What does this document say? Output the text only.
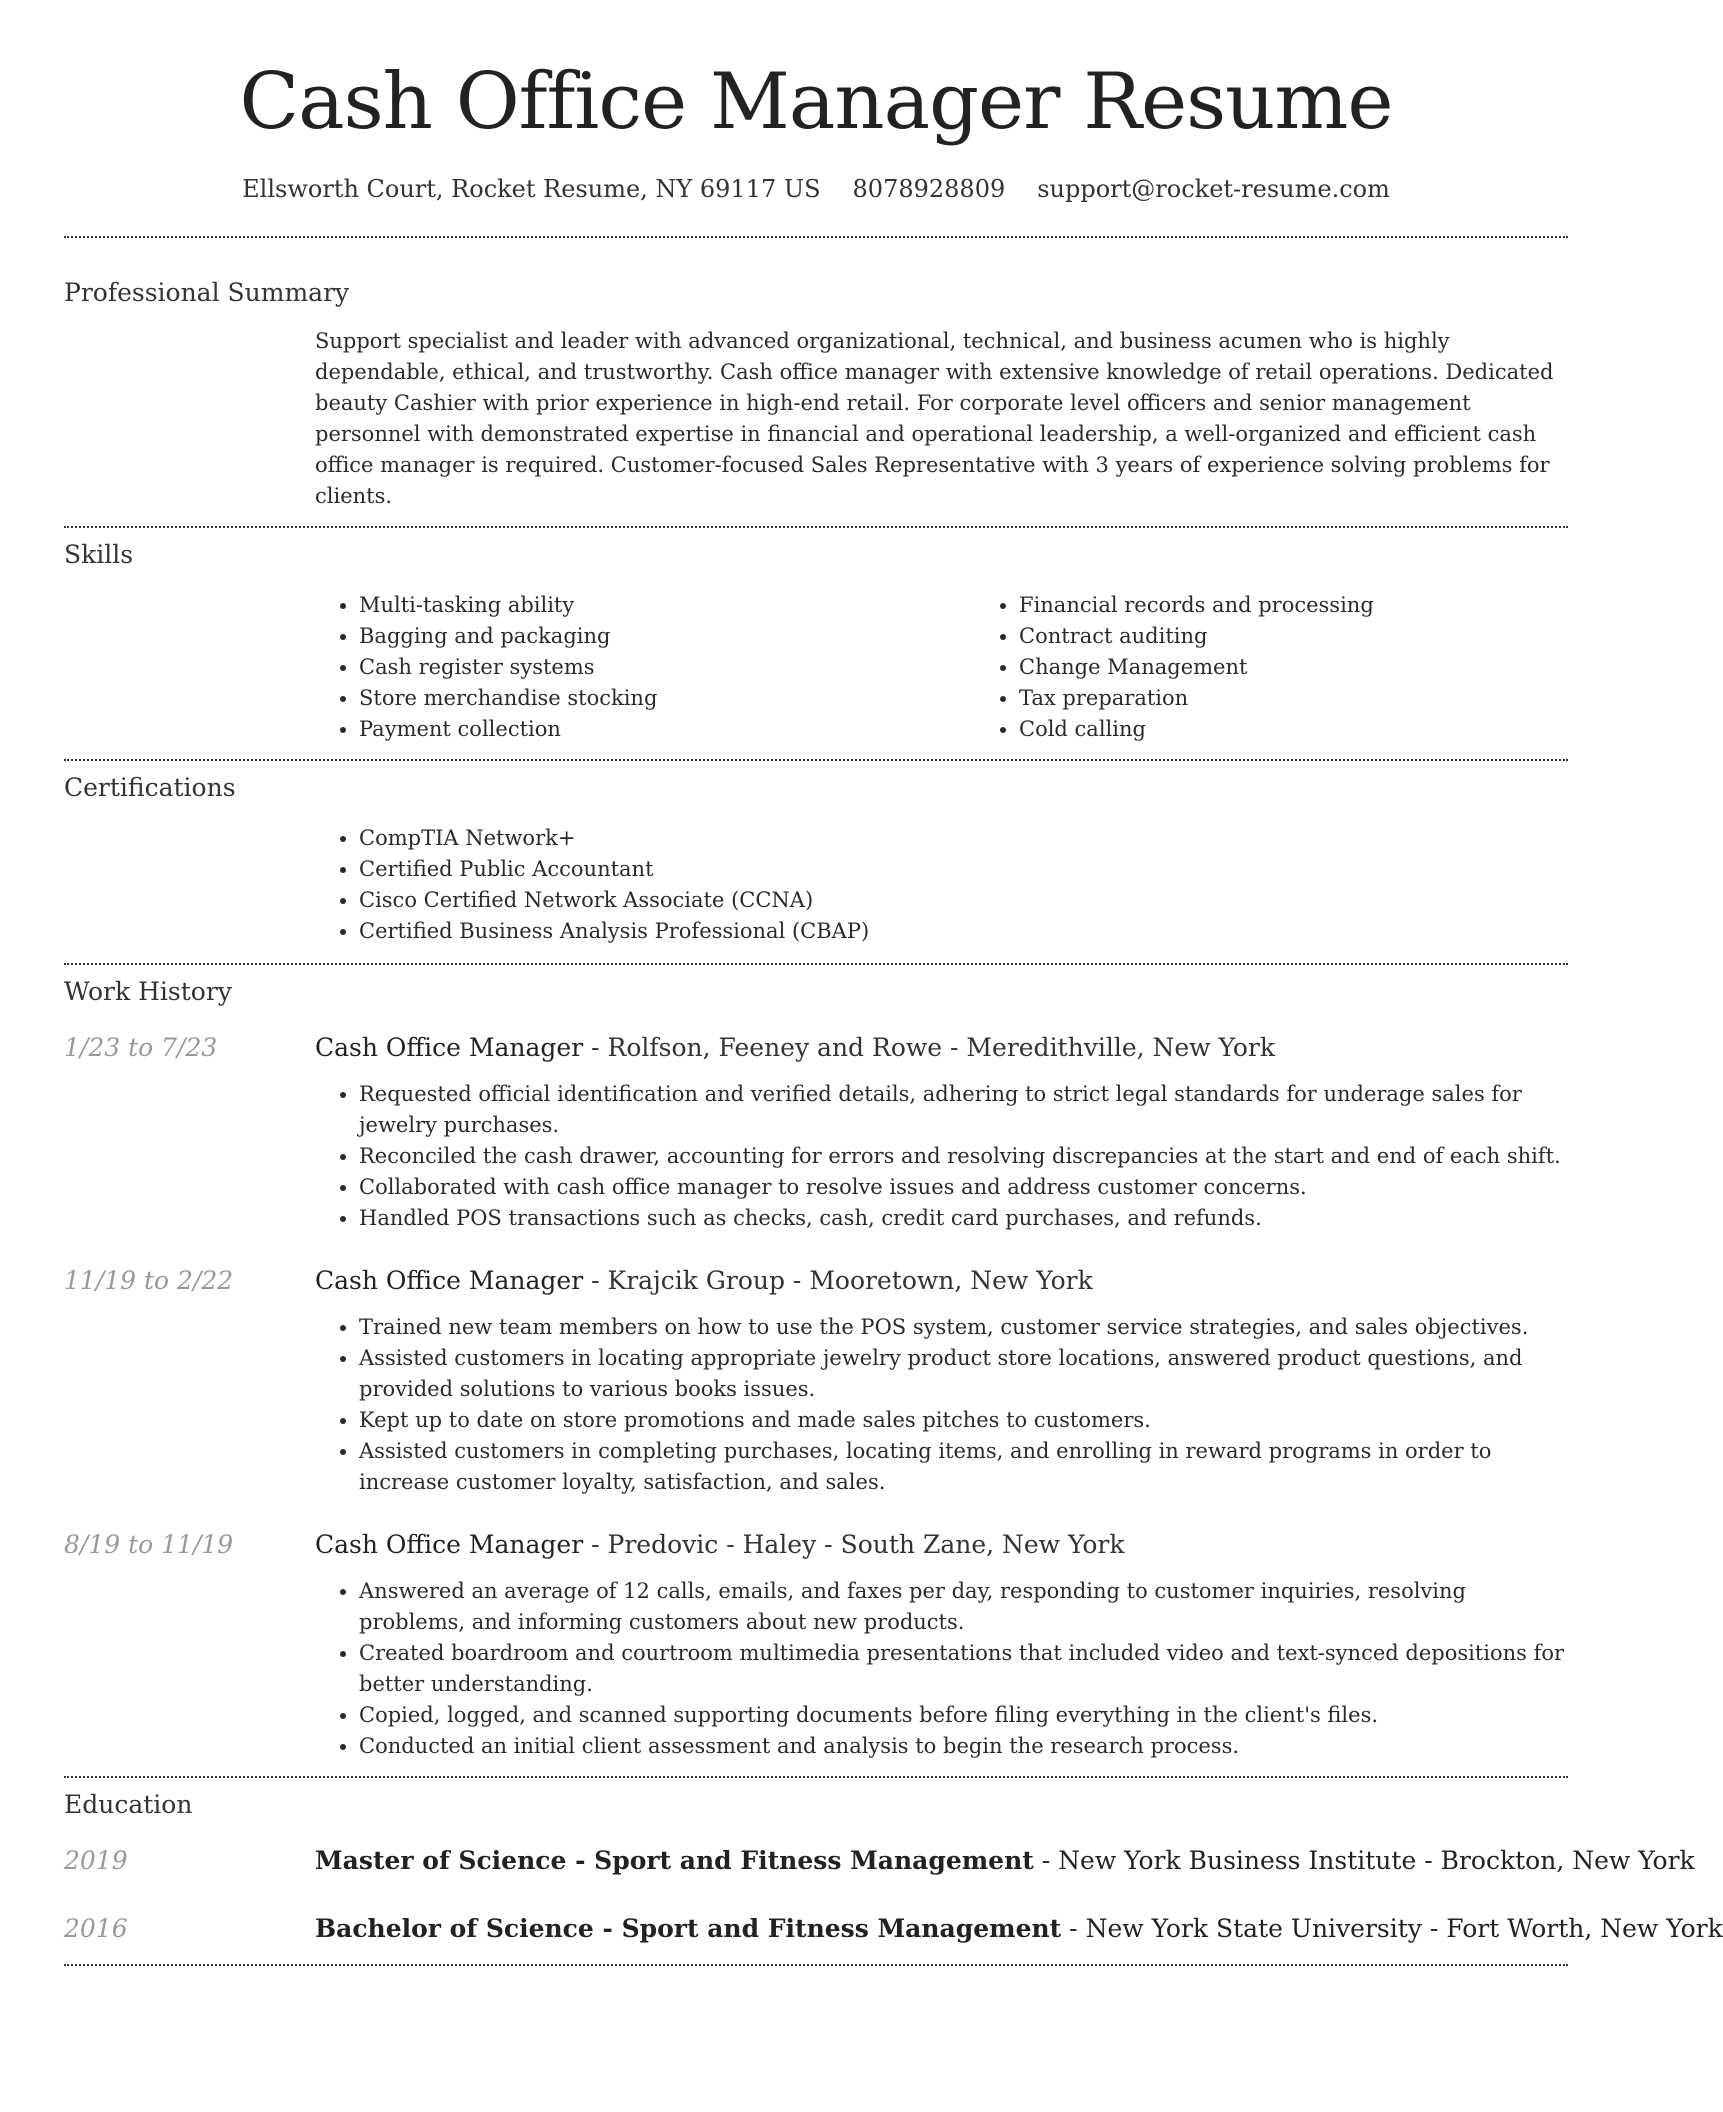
Cash Office Manager Resume
Ellsworth Court, Rocket Resume, NY 69117 US 8078928809 support@rocket-resume.com
Professional Summary

Support specialist and leader with advanced organizational, technical, and business acumen who is highly dependable, ethical, and trustworthy. Cash office manager with extensive knowledge of retail operations. Dedicated beauty Cashier with prior experience in high-end retail. For corporate level officers and senior management personnel with demonstrated expertise in financial and operational leadership, a well-organized and efficient cash office manager is required. Customer-focused Sales Representative with 3 years of experience solving problems for clients.

Skills
• Multi-tasking ability
• Bagging and packaging
• Cash register systems
• Store merchandise stocking
• Payment collection
• Financial records and processing
• Contract auditing
• Change Management
• Tax preparation
• Cold calling
Certifications
• CompTIA Network+
• Certified Public Accountant
• Cisco Certified Network Associate (CCNA)
• Certified Business Analysis Professional (CBAP)
Work History
1/23 to 7/23	Cash Office Manager - Rolfson, Feeney and Rowe - Meredithville, New York
• Requested official identification and verified details, adhering to strict legal standards for underage sales for jewelry purchases.
• Reconciled the cash drawer, accounting for errors and resolving discrepancies at the start and end of each shift.
• Collaborated with cash office manager to resolve issues and address customer concerns.
• Handled POS transactions such as checks, cash, credit card purchases, and refunds.
11/19 to 2/22	Cash Office Manager - Krajcik Group - Mooretown, New York
• Trained new team members on how to use the POS system, customer service strategies, and sales objectives.
• Assisted customers in locating appropriate jewelry product store locations, answered product questions, and provided solutions to various books issues.
• Kept up to date on store promotions and made sales pitches to customers.
• Assisted customers in completing purchases, locating items, and enrolling in reward programs in order to increase customer loyalty, satisfaction, and sales.
8/19 to 11/19	Cash Office Manager - Predovic - Haley - South Zane, New York
• Answered an average of 12 calls, emails, and faxes per day, responding to customer inquiries, resolving problems, and informing customers about new products.
• Created boardroom and courtroom multimedia presentations that included video and text-synced depositions for better understanding.
• Copied, logged, and scanned supporting documents before filing everything in the client's files.
• Conducted an initial client assessment and analysis to begin the research process.
Education
2019	Master of Science - Sport and Fitness Management - New York Business Institute - Brockton, New York
2016	Bachelor of Science - Sport and Fitness Management - New York State University - Fort Worth, New York
